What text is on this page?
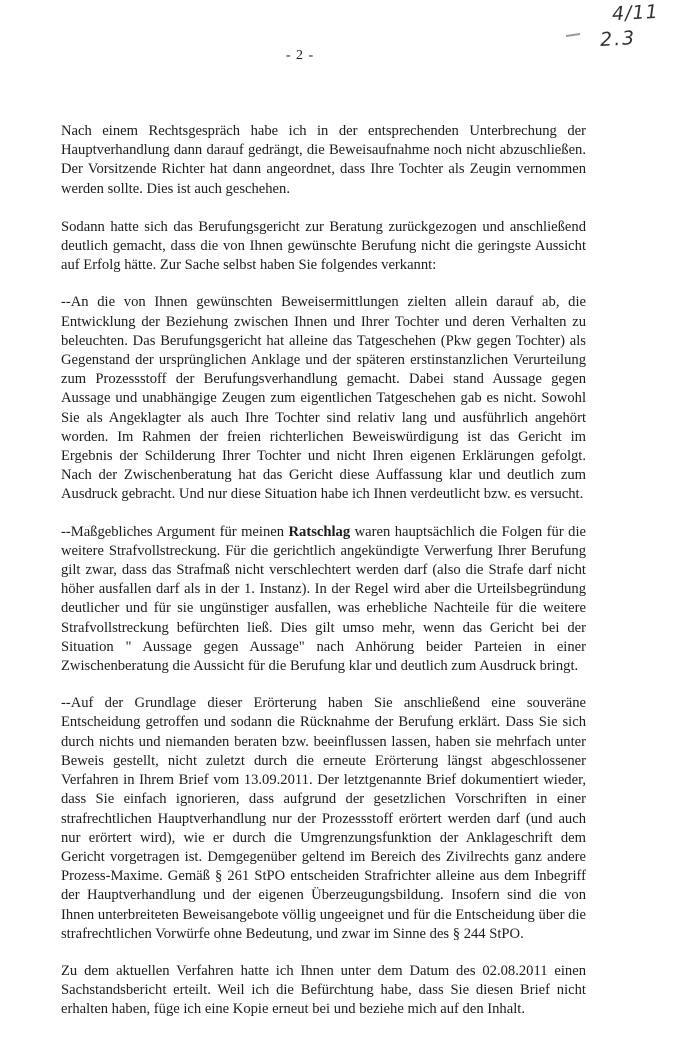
4/11
2.3
- 2 -

Nach einem Rechtsgespräch habe ich in der entsprechenden Unterbrechung der Hauptverhandlung dann darauf gedrängt, die Beweisaufnahme noch nicht abzuschließen. Der Vorsitzende Richter hat dann angeordnet, dass Ihre Tochter als Zeugin vernommen werden sollte. Dies ist auch geschehen.

Sodann hatte sich das Berufungsgericht zur Beratung zurückgezogen und anschließend deutlich gemacht, dass die von Ihnen gewünschte Berufung nicht die geringste Aussicht auf Erfolg hätte. Zur Sache selbst haben Sie folgendes verkannt:

--An die von Ihnen gewünschten Beweisermittlungen zielten allein darauf ab, die Entwicklung der Beziehung zwischen Ihnen und Ihrer Tochter und deren Verhalten zu beleuchten. Das Berufungsgericht hat alleine das Tatgeschehen (Pkw gegen Tochter) als Gegenstand der ursprünglichen Anklage und der späteren erstinstanzlichen Verurteilung zum Prozessstoff der Berufungsverhandlung gemacht. Dabei stand Aussage gegen Aussage und unabhängige Zeugen zum eigentlichen Tatgeschehen gab es nicht. Sowohl Sie als Angeklagter als auch Ihre Tochter sind relativ lang und ausführlich angehört worden. Im Rahmen der freien richterlichen Beweiswürdigung ist das Gericht im Ergebnis der Schilderung Ihrer Tochter und nicht Ihren eigenen Erklärungen gefolgt. Nach der Zwischenberatung hat das Gericht diese Auffassung klar und deutlich zum Ausdruck gebracht. Und nur diese Situation habe ich Ihnen verdeutlicht bzw. es versucht.

--Maßgebliches Argument für meinen Ratschlag waren hauptsächlich die Folgen für die weitere Strafvollstreckung. Für die gerichtlich angekündigte Verwerfung Ihrer Berufung gilt zwar, dass das Strafmaß nicht verschlechtert werden darf (also die Strafe darf nicht höher ausfallen darf als in der 1. Instanz). In der Regel wird aber die Urteilsbegründung deutlicher und für sie ungünstiger ausfallen, was erhebliche Nachteile für die weitere Strafvollstreckung befürchten ließ. Dies gilt umso mehr, wenn das Gericht bei der Situation " Aussage gegen Aussage" nach Anhörung beider Parteien in einer Zwischenberatung die Aussicht für die Berufung klar und deutlich zum Ausdruck bringt.

--Auf der Grundlage dieser Erörterung haben Sie anschließend eine souveräne Entscheidung getroffen und sodann die Rücknahme der Berufung erklärt. Dass Sie sich durch nichts und niemanden beraten bzw. beeinflussen lassen, haben sie mehrfach unter Beweis gestellt, nicht zuletzt durch die erneute Erörterung längst abgeschlossener Verfahren in Ihrem Brief vom 13.09.2011. Der letztgenannte Brief dokumentiert wieder, dass Sie einfach ignorieren, dass aufgrund der gesetzlichen Vorschriften in einer strafrechtlichen Hauptverhandlung nur der Prozessstoff erörtert werden darf (und auch nur erörtert wird), wie er durch die Umgrenzungsfunktion der Anklageschrift dem Gericht vorgetragen ist. Demgegenüber geltend im Bereich des Zivilrechts ganz andere Prozess-Maxime. Gemäß § 261 StPO entscheiden Strafrichter alleine aus dem Inbegriff der Hauptverhandlung und der eigenen Überzeugungsbildung. Insofern sind die von Ihnen unterbreiteten Beweisangebote völlig ungeeignet und für die Entscheidung über die strafrechtlichen Vorwürfe ohne Bedeutung, und zwar im Sinne des § 244 StPO.

Zu dem aktuellen Verfahren hatte ich Ihnen unter dem Datum des 02.08.2011 einen Sachstandsbericht erteilt. Weil ich die Befürchtung habe, dass Sie diesen Brief nicht erhalten haben, füge ich eine Kopie erneut bei und beziehe mich auf den Inhalt.
